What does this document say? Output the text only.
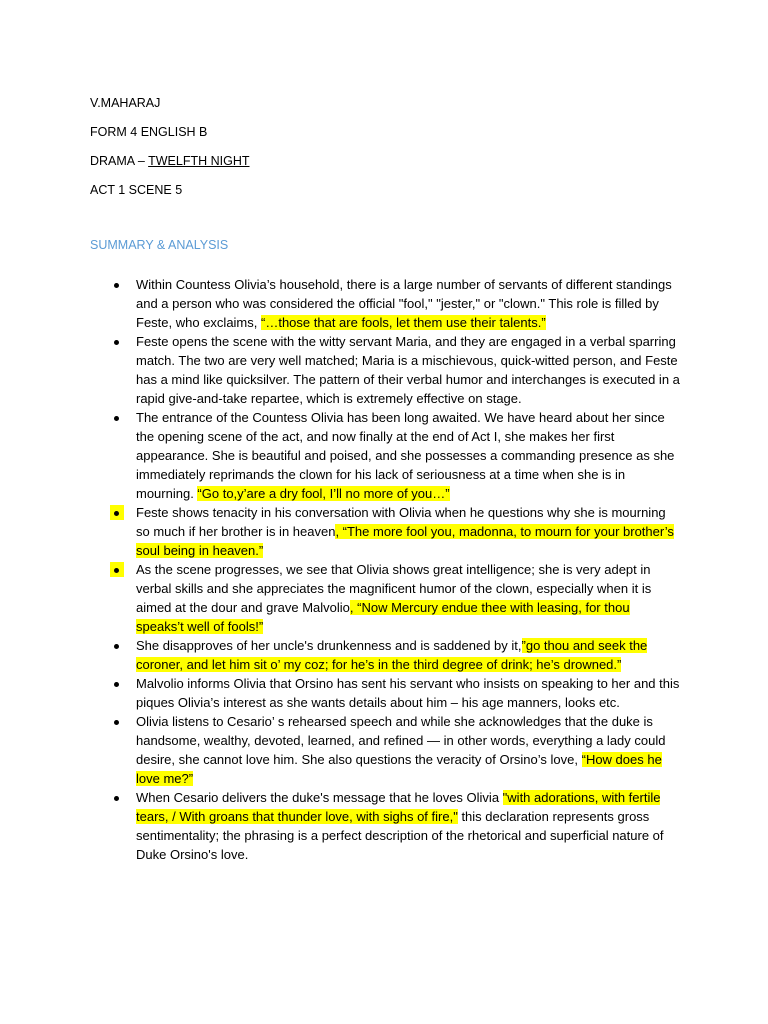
V.MAHARAJ
FORM 4 ENGLISH B
DRAMA – TWELFTH NIGHT
ACT 1 SCENE 5
SUMMARY & ANALYSIS
Within Countess Olivia’s household, there is a large number of servants of different standings and a person who was considered the official "fool," "jester," or "clown." This role is filled by Feste, who exclaims, “…those that are fools, let them use their talents.”
Feste opens the scene with the witty servant Maria, and they are engaged in a verbal sparring match. The two are very well matched; Maria is a mischievous, quick-witted person, and Feste has a mind like quicksilver. The pattern of their verbal humor and interchanges is executed in a rapid give-and-take repartee, which is extremely effective on stage.
The entrance of the Countess Olivia has been long awaited. We have heard about her since the opening scene of the act, and now finally at the end of Act I, she makes her first appearance. She is beautiful and poised, and she possesses a commanding presence as she immediately reprimands the clown for his lack of seriousness at a time when she is in mourning. “Go to,y’are a dry fool, I’ll no more of you…”
Feste shows tenacity in his conversation with Olivia when he questions why she is mourning so much if her brother is in heaven, “The more fool you, madonna, to mourn for your brother’s soul being in heaven.”
As the scene progresses, we see that Olivia shows great intelligence; she is very adept in verbal skills and she appreciates the magnificent humor of the clown, especially when it is aimed at the dour and grave Malvolio, “Now Mercury endue thee with leasing, for thou speaks’t well of fools!”
She disapproves of her uncle's drunkenness and is saddened by it,”go thou and seek the coroner, and let him sit o’ my coz; for he’s in the third degree of drink; he’s drowned.”
Malvolio informs Olivia that Orsino has sent his servant who insists on speaking to her and this piques Olivia’s interest as she wants details about him – his age manners, looks etc.
Olivia listens to Cesario’ s rehearsed speech and while she acknowledges that the duke is handsome, wealthy, devoted, learned, and refined — in other words, everything a lady could desire, she cannot love him. She also questions the veracity of Orsino’s love, “How does he love me?”
When Cesario delivers the duke's message that he loves Olivia "with adorations, with fertile tears, / With groans that thunder love, with sighs of fire," this declaration represents gross sentimentality; the phrasing is a perfect description of the rhetorical and superficial nature of Duke Orsino's love.
